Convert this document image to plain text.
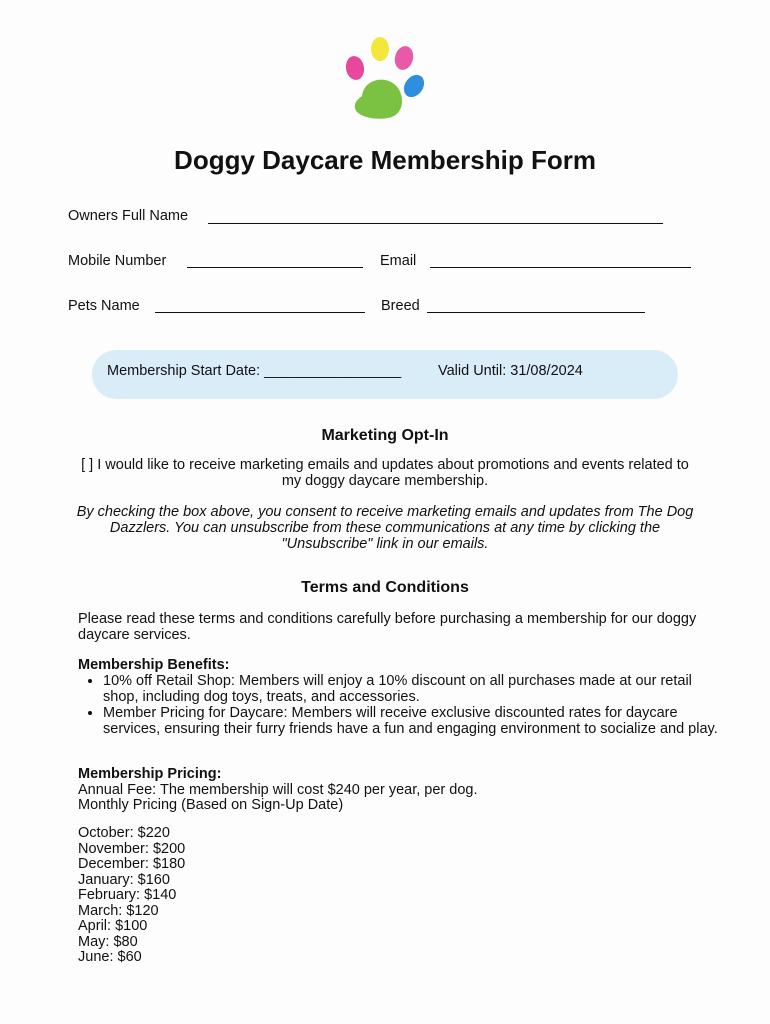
Doggy Daycare Membership Form
Owners Full Name
Mobile Number	Email
Pets Name	Breed
Membership Start Date: _________________	Valid Until: 31/08/2024
Marketing Opt-In
[ ] I would like to receive marketing emails and updates about promotions and events related to my doggy daycare membership.
By checking the box above, you consent to receive marketing emails and updates from The Dog Dazzlers. You can unsubscribe from these communications at any time by clicking the "Unsubscribe" link in our emails.
Terms and Conditions
Please read these terms and conditions carefully before purchasing a membership for our doggy daycare services.
Membership Benefits:
• 10% off Retail Shop: Members will enjoy a 10% discount on all purchases made at our retail shop, including dog toys, treats, and accessories.
• Member Pricing for Daycare: Members will receive exclusive discounted rates for daycare services, ensuring their furry friends have a fun and engaging environment to socialize and play.
Membership Pricing:
Annual Fee: The membership will cost $240 per year, per dog.
Monthly Pricing (Based on Sign-Up Date)
October: $220
November: $200
December: $180
January: $160
February: $140
March: $120
April: $100
May: $80
June: $60
